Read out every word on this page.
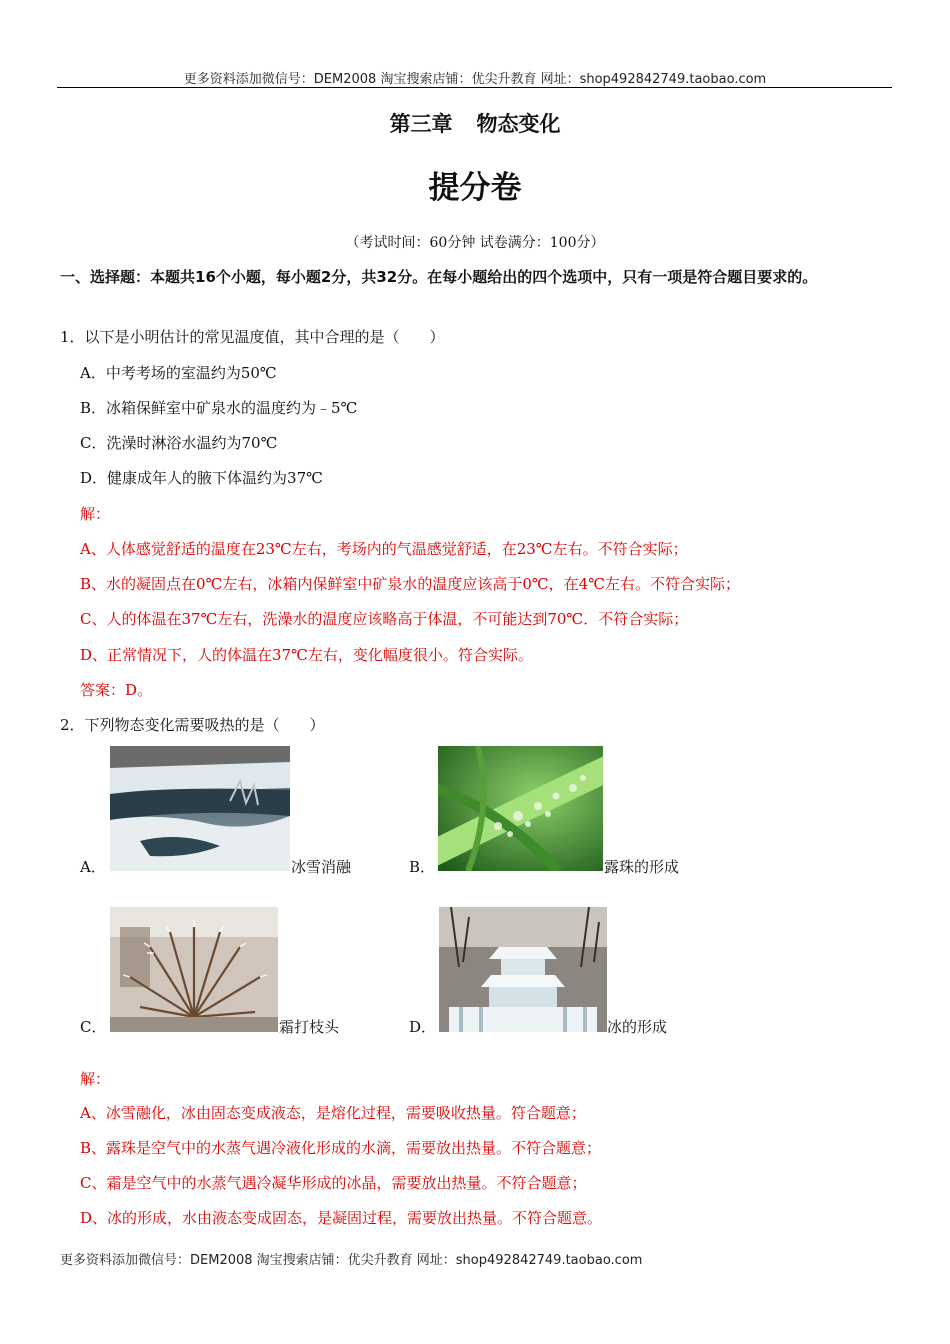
更多资料添加微信号：DEM2008 淘宝搜索店铺：优尖升教育 网址：shop492842749.taobao.com
第三章 物态变化
提分卷
（考试时间：60分钟 试卷满分：100分）
一、选择题：本题共16个小题，每小题2分，共32分。在每小题给出的四个选项中，只有一项是符合题目要求的。
1．以下是小明估计的常见温度值，其中合理的是（　　）
A．中考考场的室温约为50℃
B．冰箱保鲜室中矿泉水的温度约为﹣5℃
C．洗澡时淋浴水温约为70℃
D．健康成年人的腋下体温约为37℃
解：
A、人体感觉舒适的温度在23℃左右，考场内的气温感觉舒适，在23℃左右。不符合实际；
B、水的凝固点在0℃左右，冰箱内保鲜室中矿泉水的温度应该高于0℃，在4℃左右。不符合实际；
C、人的体温在37℃左右，洗澡水的温度应该略高于体温，不可能达到70℃．不符合实际；
D、正常情况下，人的体温在37℃左右，变化幅度很小。符合实际。
答案：D。
2．下列物态变化需要吸热的是（　　）
A．	冰雪消融	B．	露珠的形成
C．	霜打枝头	D．	冰的形成
解：
A、冰雪融化，冰由固态变成液态，是熔化过程，需要吸收热量。符合题意；
B、露珠是空气中的水蒸气遇冷液化形成的水滴，需要放出热量。不符合题意；
C、霜是空气中的水蒸气遇冷凝华形成的冰晶，需要放出热量。不符合题意；
D、冰的形成，水由液态变成固态，是凝固过程，需要放出热量。不符合题意。
更多资料添加微信号：DEM2008 淘宝搜索店铺：优尖升教育 网址：shop492842749.taobao.com
